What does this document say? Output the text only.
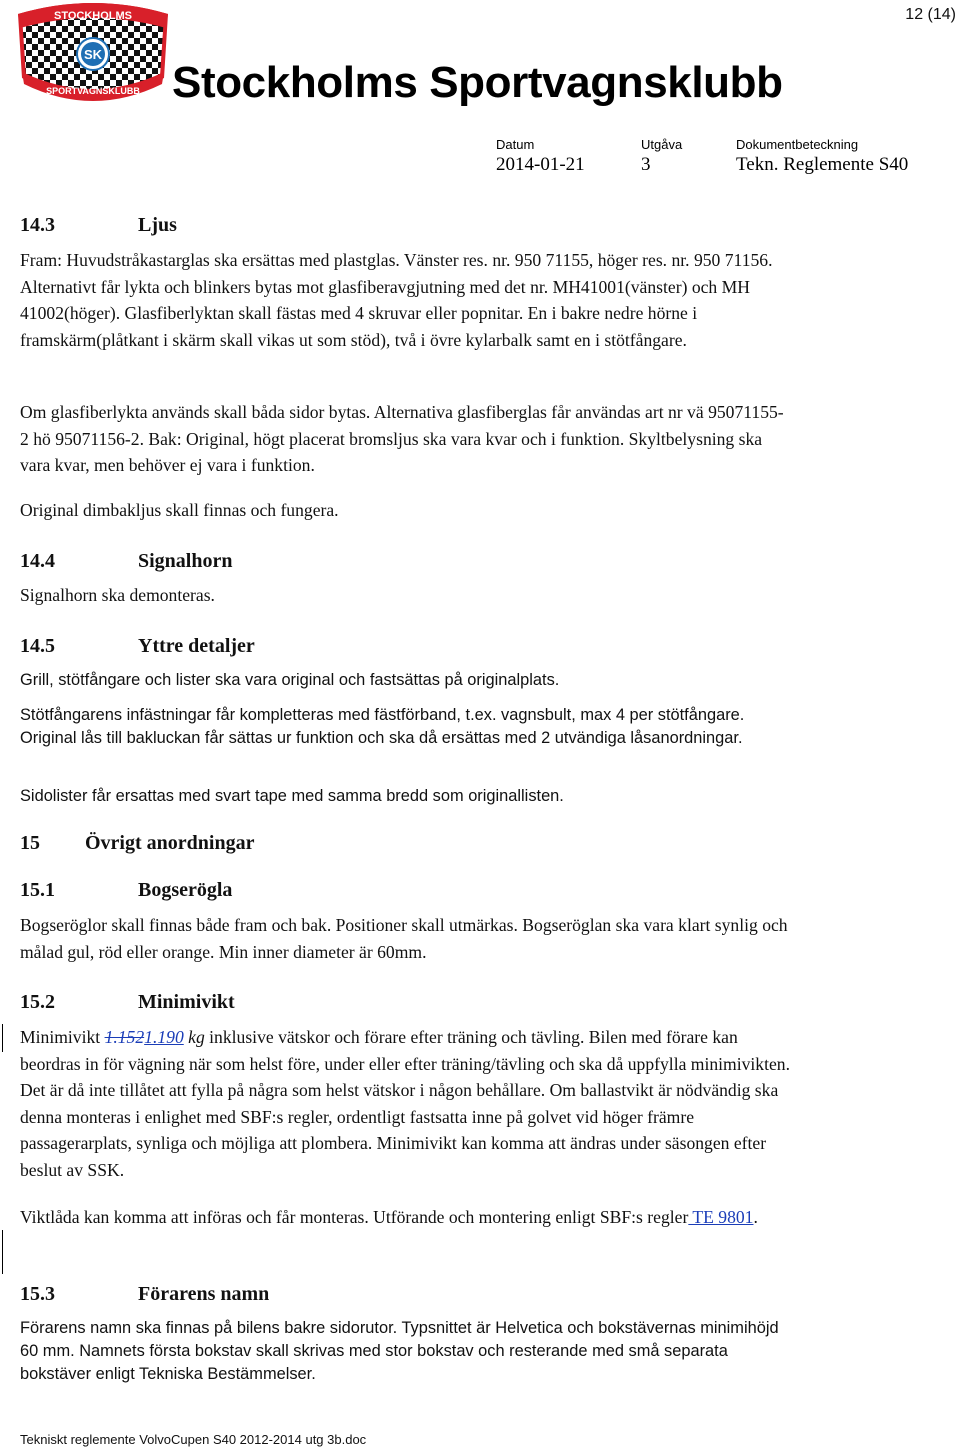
12 (14)
STOCKHOLMS
SK
SPORTVAGNSKLUBB Stockholms Sportvagnsklubb
Datum	Utgåva	Dokumentbeteckning
2014-01-21	3	Tekn. Reglemente S40
14.3	Ljus

Fram: Huvudstråkastarglas ska ersättas med plastglas. Vänster res. nr. 950 71155, höger res. nr. 950 71156. Alternativt får lykta och blinkers bytas mot glasfiberavgjutning med det nr. MH41001(vänster) och MH 41002(höger). Glasfiberlyktan skall fästas med 4 skruvar eller popnitar. En i bakre nedre hörne i framskärm(plåtkant i skärm skall vikas ut som stöd), två i övre kylarbalk samt en i stötfångare.

Om glasfiberlykta används skall båda sidor bytas. Alternativa glasfiberglas får användas art nr vä 95071155-2 hö 95071156-2. Bak: Original, högt placerat bromsljus ska vara kvar och i funktion. Skyltbelysning ska vara kvar, men behöver ej vara i funktion.

Original dimbakljus skall finnas och fungera.

14.4	Signalhorn

Signalhorn ska demonteras.

14.5	Yttre detaljer

Grill, stötfångare och lister ska vara original och fastsättas på originalplats.

Stötfångarens infästningar får kompletteras med fästförband, t.ex. vagnsbult, max 4 per stötfångare. Original lås till bakluckan får sättas ur funktion och ska då ersättas med 2 utvändiga låsanordningar.

Sidolister får ersattas med svart tape med samma bredd som originallisten.

15 Övrigt anordningar
15.1	Bogserögla

Bogseröglor skall finnas både fram och bak. Positioner skall utmärkas. Bogseröglan ska vara klart synlig och målad gul, röd eller orange. Min inner diameter är 60mm.

15.2	Minimivikt

Minimivikt 1.1521.190 kg inklusive vätskor och förare efter träning och tävling. Bilen med förare kan beordras in för vägning när som helst före, under eller efter träning/tävling och ska då uppfylla minimivikten. Det är då inte tillåtet att fylla på några som helst vätskor i någon behållare. Om ballastvikt är nödvändig ska denna monteras i enlighet med SBF:s regler, ordentligt fastsatta inne på golvet vid höger främre passagerarplats, synliga och möjliga att plombera. Minimivikt kan komma att ändras under säsongen efter beslut av SSK.

Viktlåda kan komma att införas och får monteras. Utförande och montering enligt SBF:s regler TE 9801.

15.3	Förarens namn

Förarens namn ska finnas på bilens bakre sidorutor. Typsnittet är Helvetica och bokstävernas minimihöjd 60 mm. Namnets första bokstav skall skrivas med stor bokstav och resterande med små separata bokstäver enligt Tekniska Bestämmelser.

Tekniskt reglemente VolvoCupen S40 2012-2014 utg 3b.doc
